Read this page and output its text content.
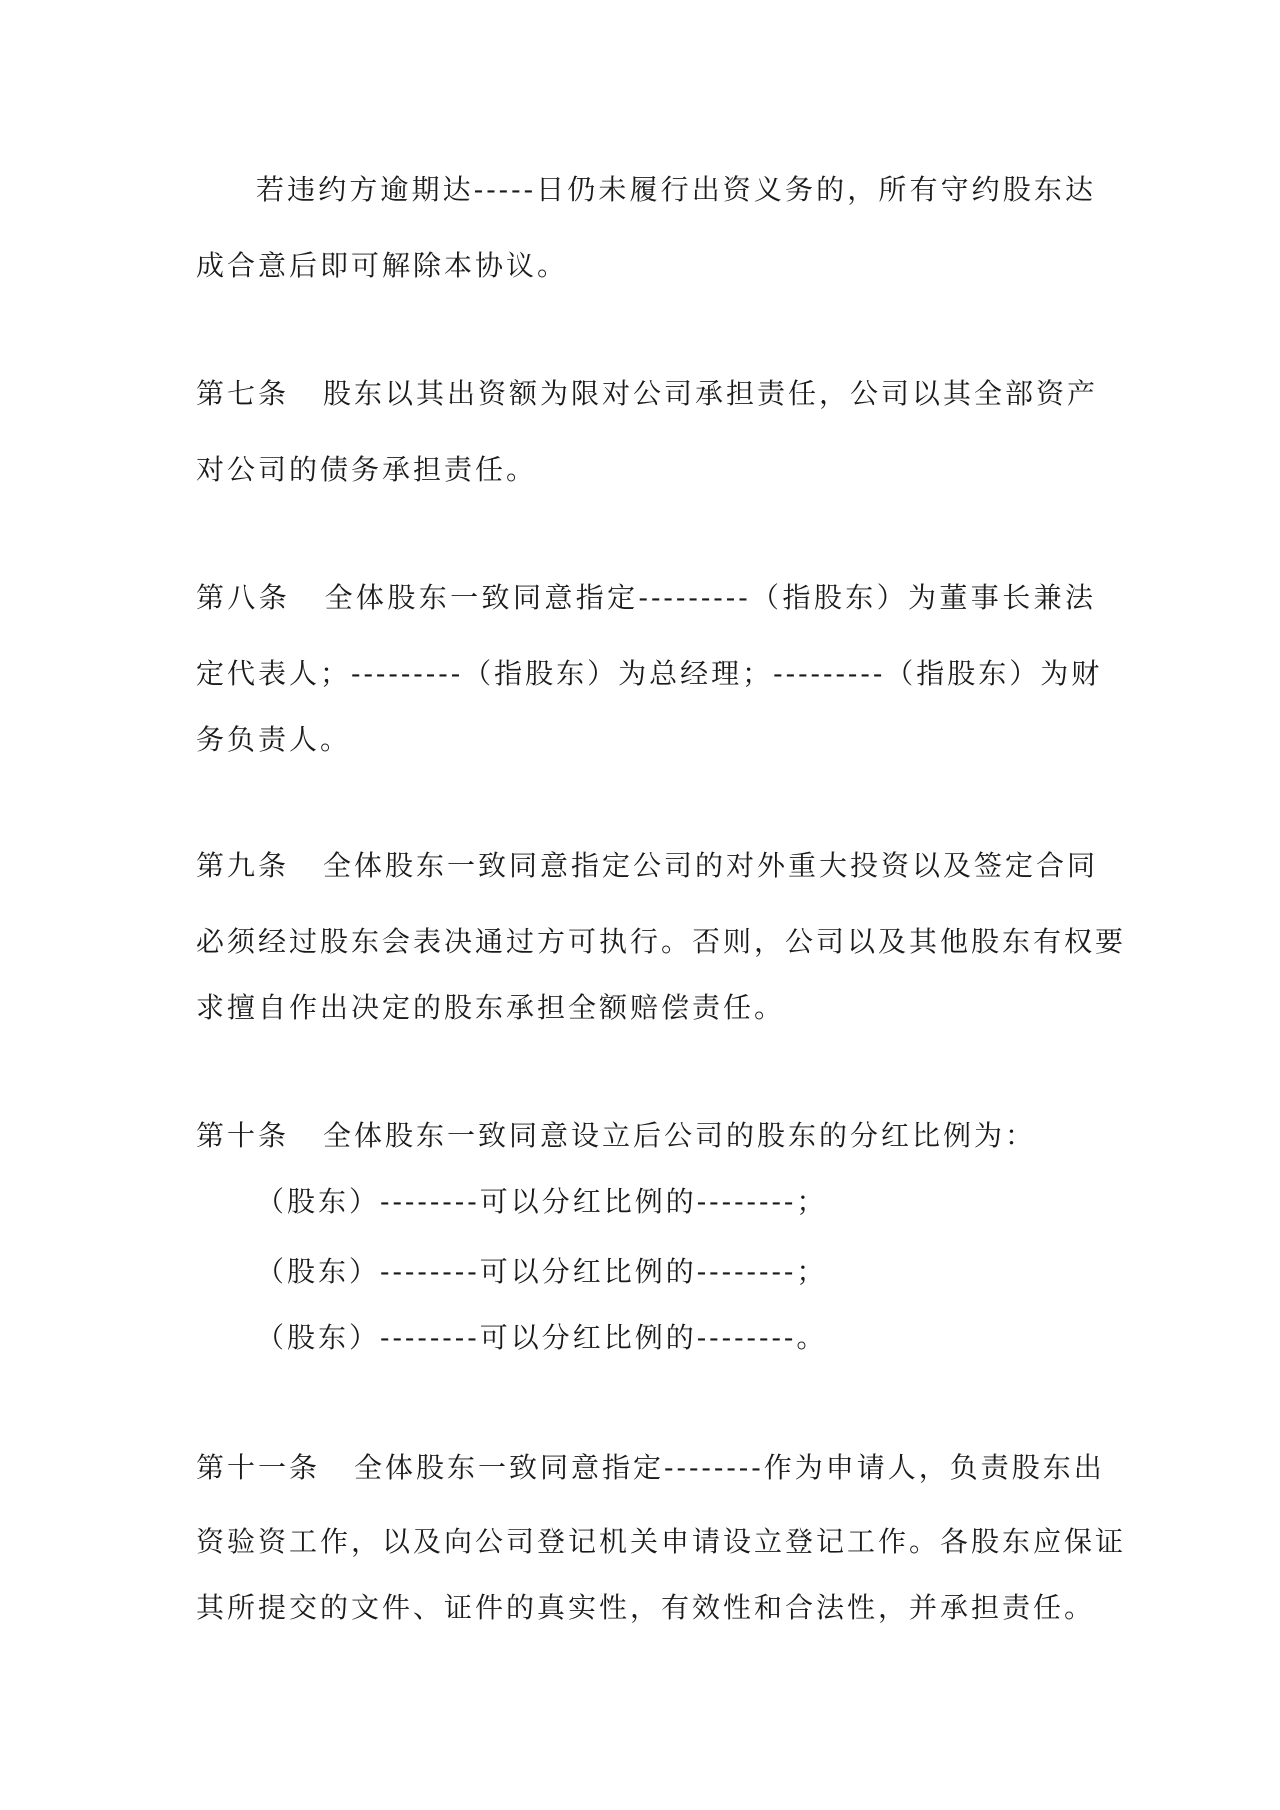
若违约方逾期达-----日仍未履行出资义务的，所有守约股东达
成合意后即可解除本协议。
第七条 股东以其出资额为限对公司承担责任，公司以其全部资产
对公司的债务承担责任。
第八条 全体股东一致同意指定---------（指股东）为董事长兼法
定代表人；---------（指股东）为总经理；---------（指股东）为财
务负责人。
第九条 全体股东一致同意指定公司的对外重大投资以及签定合同
必须经过股东会表决通过方可执行。否则，公司以及其他股东有权要
求擅自作出决定的股东承担全额赔偿责任。
第十条 全体股东一致同意设立后公司的股东的分红比例为：
（股东）--------可以分红比例的--------；
（股东）--------可以分红比例的--------；
（股东）--------可以分红比例的--------。
第十一条 全体股东一致同意指定--------作为申请人，负责股东出
资验资工作，以及向公司登记机关申请设立登记工作。各股东应保证
其所提交的文件、证件的真实性，有效性和合法性，并承担责任。
